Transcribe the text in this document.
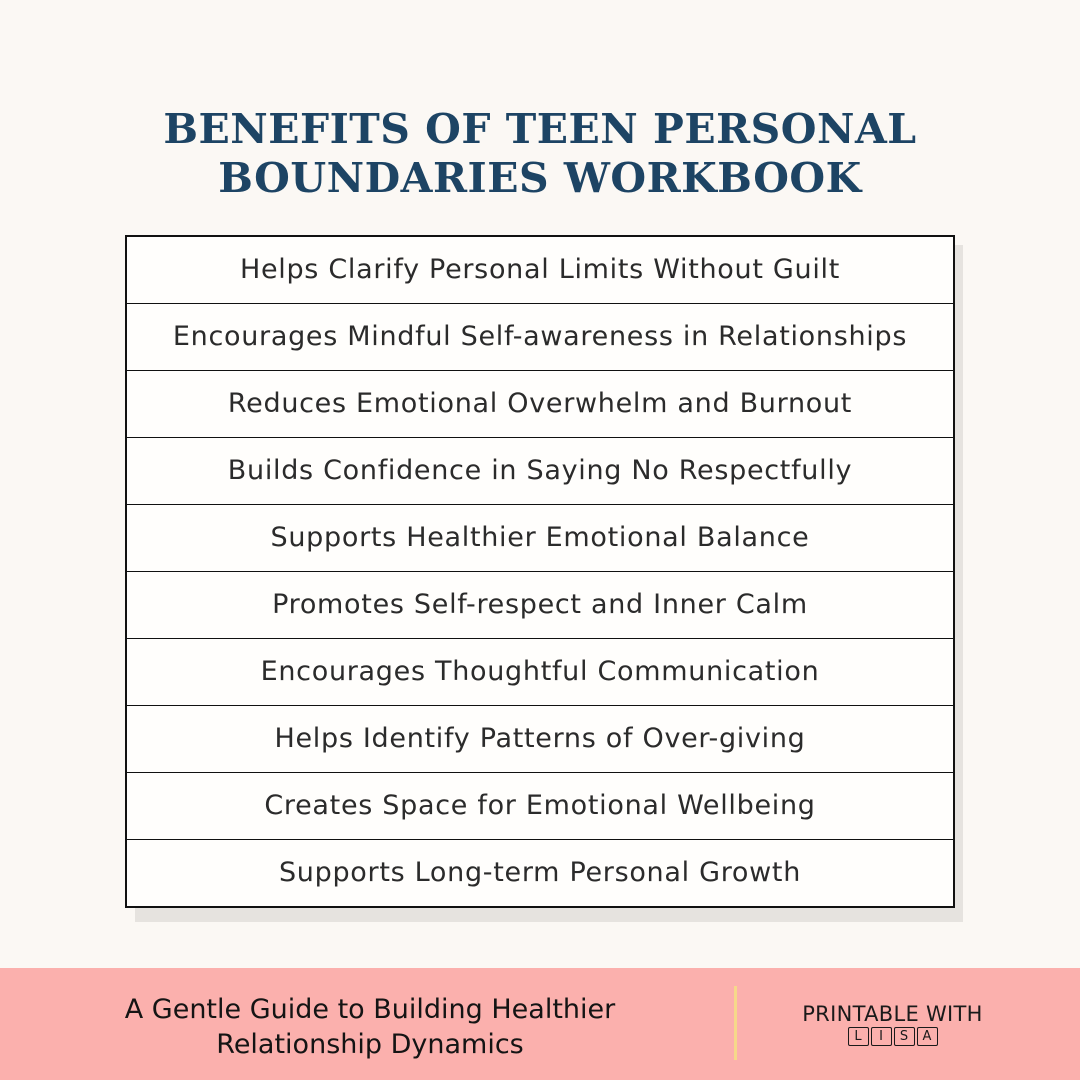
BENEFITS OF TEEN PERSONAL
BOUNDARIES WORKBOOK
Helps Clarify Personal Limits Without Guilt
Encourages Mindful Self-awareness in Relationships
Reduces Emotional Overwhelm and Burnout
Builds Confidence in Saying No Respectfully
Supports Healthier Emotional Balance
Promotes Self-respect and Inner Calm
Encourages Thoughtful Communication
Helps Identify Patterns of Over-giving
Creates Space for Emotional Wellbeing
Supports Long-term Personal Growth
A Gentle Guide to Building Healthier
Relationship Dynamics
PRINTABLE WITH
L	I	S	A
